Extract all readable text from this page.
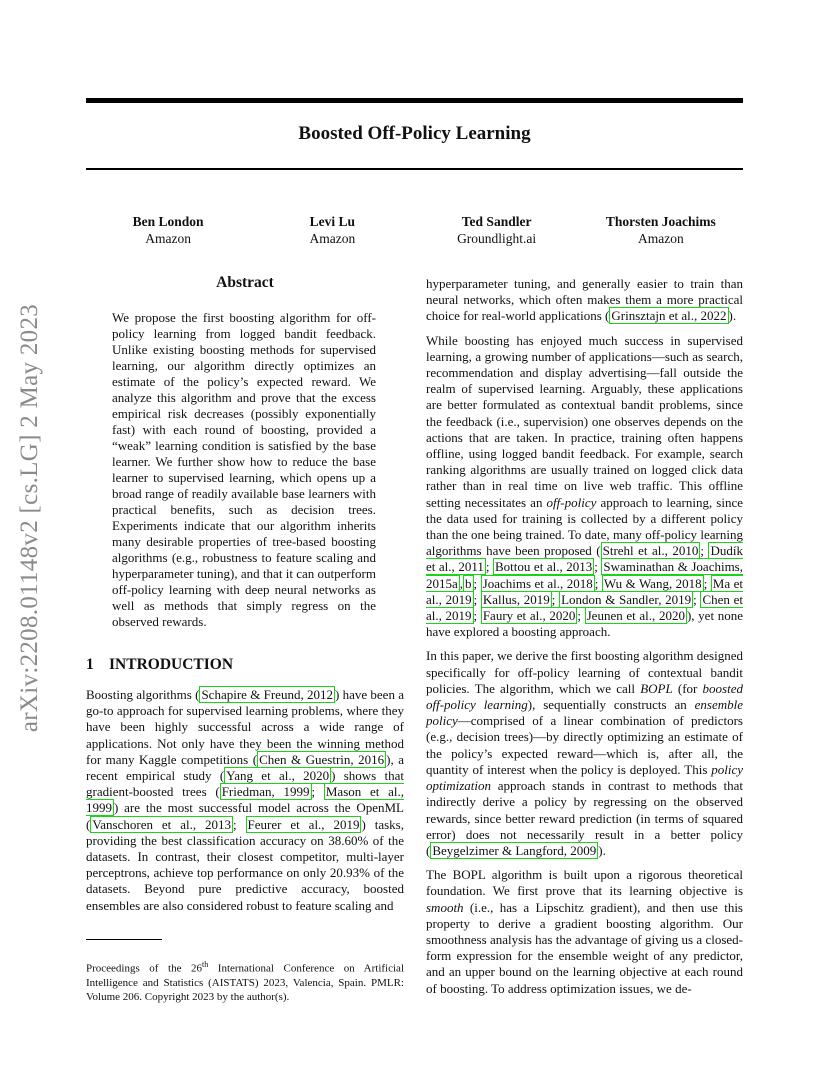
Boosted Off-Policy Learning
Ben London
Amazon
Levi Lu
Amazon
Ted Sandler
Groundlight.ai
Thorsten Joachims
Amazon
arXiv:2208.01148v2 [cs.LG] 2 May 2023
Abstract

We propose the first boosting algorithm for off-policy learning from logged bandit feedback. Unlike existing boosting methods for supervised learning, our algorithm directly optimizes an estimate of the policy’s expected reward. We analyze this algorithm and prove that the excess empirical risk decreases (possibly exponentially fast) with each round of boosting, provided a “weak” learning condition is satisfied by the base learner. We further show how to reduce the base learner to supervised learning, which opens up a broad range of readily available base learners with practical benefits, such as decision trees. Experiments indicate that our algorithm inherits many desirable properties of tree-based boosting algorithms (e.g., robustness to feature scaling and hyperparameter tuning), and that it can outperform off-policy learning with deep neural networks as well as methods that simply regress on the observed rewards.

1 INTRODUCTION

Boosting algorithms ( Schapire & Freund, 2012 ) have been a go-to approach for supervised learning problems, where they have been highly successful across a wide range of applications. Not only have they been the winning method for many Kaggle competitions ( Chen & Guestrin, 2016 ), a recent empirical study ( Yang et al., 2020 ) shows that gradient-boosted trees ( Friedman, 1999 ; Mason et al., 1999 ) are the most successful model across the OpenML ( Vanschoren et al., 2013 ; Feurer et al., 2019 ) tasks, providing the best classification accuracy on 38.60% of the datasets. In contrast, their closest competitor, multi-layer perceptrons, achieve top performance on only 20.93% of the datasets. Beyond pure predictive accuracy, boosted ensembles are also considered robust to feature scaling and

Proceedings of the 26th International Conference on Artificial Intelligence and Statistics (AISTATS) 2023, Valencia, Spain. PMLR: Volume 206. Copyright 2023 by the author(s).

hyperparameter tuning, and generally easier to train than neural networks, which often makes them a more practical choice for real-world applications ( Grinsztajn et al., 2022 ).

While boosting has enjoyed much success in supervised learning, a growing number of applications—such as search, recommendation and display advertising—fall outside the realm of supervised learning. Arguably, these applications are better formulated as contextual bandit problems, since the feedback (i.e., supervision) one observes depends on the actions that are taken. In practice, training often happens offline, using logged bandit feedback. For example, search ranking algorithms are usually trained on logged click data rather than in real time on live web traffic. This offline setting necessitates an off-policy approach to learning, since the data used for training is collected by a different policy than the one being trained. To date, many off-policy learning algorithms have been proposed ( Strehl et al., 2010 ; Dudík et al., 2011 ; Bottou et al., 2013 ; Swaminathan & Joachims, 2015a , b ; Joachims et al., 2018 ; Wu & Wang, 2018 ; Ma et al., 2019 ; Kallus, 2019 ; London & Sandler, 2019 ; Chen et al., 2019 ; Faury et al., 2020 ; Jeunen et al., 2020 ), yet none have explored a boosting approach.

In this paper, we derive the first boosting algorithm designed specifically for off-policy learning of contextual bandit policies. The algorithm, which we call BOPL (for boosted off-policy learning), sequentially constructs an ensemble policy—comprised of a linear combination of predictors (e.g., decision trees)—by directly optimizing an estimate of the policy’s expected reward—which is, after all, the quantity of interest when the policy is deployed. This policy optimization approach stands in contrast to methods that indirectly derive a policy by regressing on the observed rewards, since better reward prediction (in terms of squared error) does not necessarily result in a better policy ( Beygelzimer & Langford, 2009 ).

The BOPL algorithm is built upon a rigorous theoretical foundation. We first prove that its learning objective is smooth (i.e., has a Lipschitz gradient), and then use this property to derive a gradient boosting algorithm. Our smoothness analysis has the advantage of giving us a closed-form expression for the ensemble weight of any predictor, and an upper bound on the learning objective at each round of boosting. To address optimization issues, we de-
